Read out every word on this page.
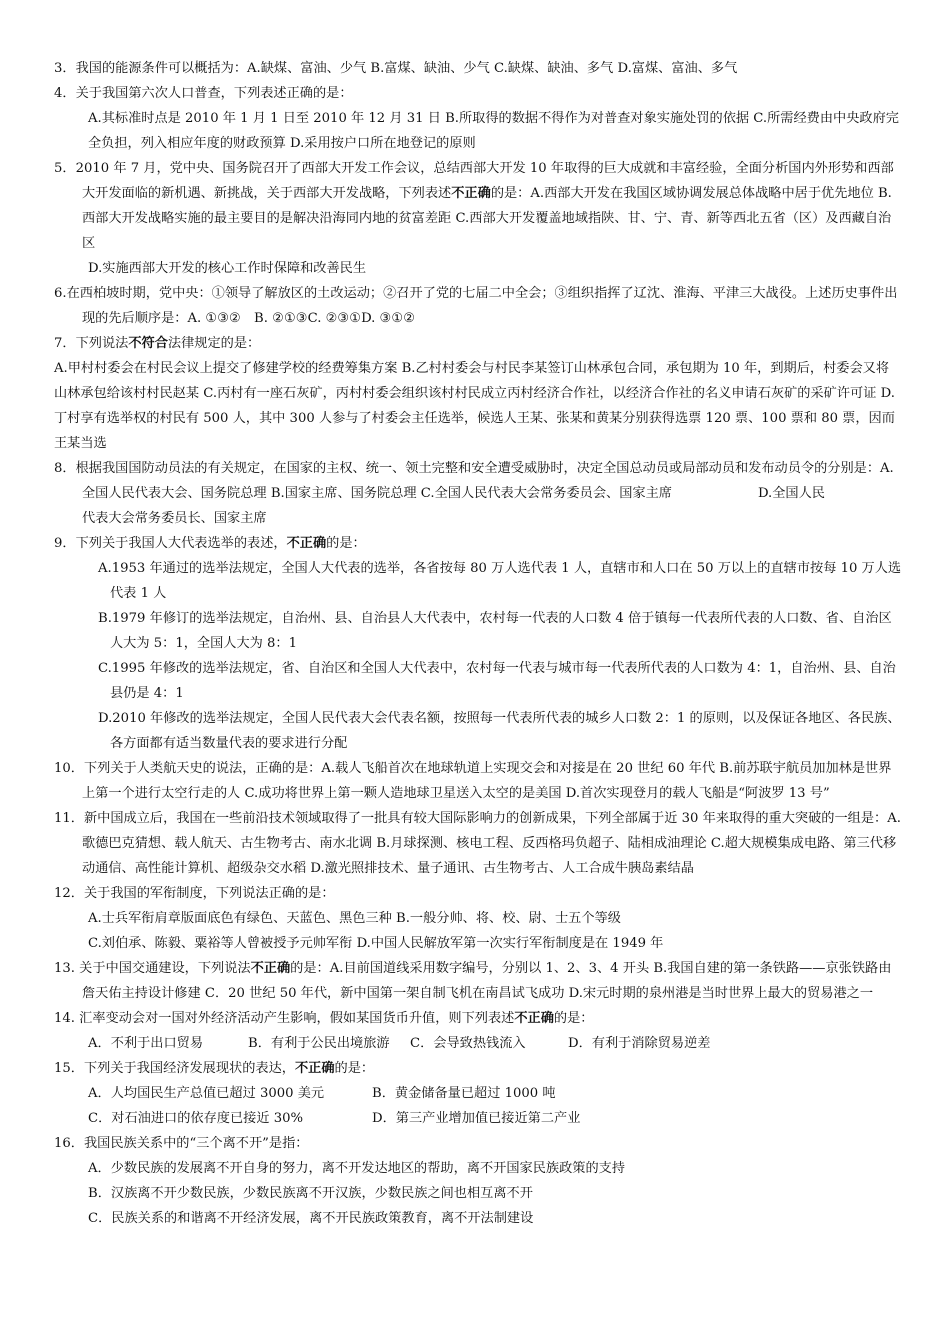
3．我国的能源条件可以概括为：A.缺煤、富油、少气 B.富煤、缺油、少气 C.缺煤、缺油、多气 D.富煤、富油、多气
4．关于我国第六次人口普查，下列表述正确的是：
A.其标准时点是 2010 年 1 月 1 日至 2010 年 12 月 31 日 B.所取得的数据不得作为对普查对象实施处罚的依据 C.所需经费由中央政府完全负担，列入相应年度的财政预算 D.采用按户口所在地登记的原则
5．2010 年 7 月，党中央、国务院召开了西部大开发工作会议，总结西部大开发 10 年取得的巨大成就和丰富经验，全面分析国内外形势和西部大开发面临的新机遇、新挑战，关于西部大开发战略，下列表述不正确的是：A.西部大开发在我国区域协调发展总体战略中居于优先地位 B.西部大开发战略实施的最主要目的是解决沿海同内地的贫富差距 C.西部大开发覆盖地域指陕、甘、宁、青、新等西北五省（区）及西藏自治区
D.实施西部大开发的核心工作时保障和改善民生
6.在西柏坡时期，党中央：①领导了解放区的土改运动；②召开了党的七届二中全会；③组织指挥了辽沈、淮海、平津三大战役。上述历史事件出现的先后顺序是：A. ①③②　B. ②①③C. ②③①D. ③①②
7．下列说法不符合法律规定的是：
A.甲村村委会在村民会议上提交了修建学校的经费筹集方案 B.乙村村委会与村民李某签订山林承包合同，承包期为 10 年，到期后，村委会又将山林承包给该村村民赵某 C.丙村有一座石灰矿，丙村村委会组织该村村民成立丙村经济合作社，以经济合作社的名义申请石灰矿的采矿许可证 D.丁村享有选举权的村民有 500 人，其中 300 人参与了村委会主任选举，候选人王某、张某和黄某分别获得选票 120 票、100 票和 80 票，因而王某当选
8．根据我国国防动员法的有关规定，在国家的主权、统一、领土完整和安全遭受威胁时，决定全国总动员或局部动员和发布动员令的分别是：A.全国人民代表大会、国务院总理 B.国家主席、国务院总理 C.全国人民代表大会常务委员会、国家主席	D.全国人民
代表大会常务委员长、国家主席
9．下列关于我国人大代表选举的表述，不正确的是：
A.1953 年通过的选举法规定，全国人大代表的选举，各省按每 80 万人选代表 1 人，直辖市和人口在 50 万以上的直辖市按每 10 万人选代表 1 人
B.1979 年修订的选举法规定，自治州、县、自治县人大代表中，农村每一代表的人口数 4 倍于镇每一代表所代表的人口数、省、自治区人大为 5：1，全国人大为 8：1
C.1995 年修改的选举法规定，省、自治区和全国人大代表中，农村每一代表与城市每一代表所代表的人口数为 4：1，自治州、县、自治县仍是 4：1
D.2010 年修改的选举法规定，全国人民代表大会代表名额，按照每一代表所代表的城乡人口数 2：1 的原则，以及保证各地区、各民族、各方面都有适当数量代表的要求进行分配
10．下列关于人类航天史的说法，正确的是：A.载人飞船首次在地球轨道上实现交会和对接是在 20 世纪 60 年代 B.前苏联宇航员加加林是世界上第一个进行太空行走的人 C.成功将世界上第一颗人造地球卫星送入太空的是美国 D.首次实现登月的载人飞船是“阿波罗 13 号”
11．新中国成立后，我国在一些前沿技术领域取得了一批具有较大国际影响力的创新成果，下列全部属于近 30 年来取得的重大突破的一组是：A.歌德巴克猜想、载人航天、古生物考古、南水北调 B.月球探测、核电工程、反西格玛负超子、陆相成油理论 C.超大规模集成电路、第三代移动通信、高性能计算机、超级杂交水稻 D.激光照排技术、量子通讯、古生物考古、人工合成牛胰岛素结晶
12．关于我国的军衔制度，下列说法正确的是：
A.士兵军衔肩章版面底色有绿色、天蓝色、黑色三种 B.一般分帅、将、校、尉、士五个等级
C.刘伯承、陈毅、粟裕等人曾被授予元帅军衔 D.中国人民解放军第一次实行军衔制度是在 1949 年
13. 关于中国交通建设，下列说法不正确的是：A.目前国道线采用数字编号，分别以 1、2、3、4 开头 B.我国自建的第一条铁路——京张铁路由詹天佑主持设计修建 C．20 世纪 50 年代，新中国第一架自制飞机在南昌试飞成功 D.宋元时期的泉州港是当时世界上最大的贸易港之一
14. 汇率变动会对一国对外经济活动产生影响，假如某国货币升值，则下列表述不正确的是：
A．不利于出口贸易	B．有利于公民出境旅游	C．会导致热钱流入	D．有利于消除贸易逆差
15．下列关于我国经济发展现状的表达，不正确的是：
A．人均国民生产总值已超过 3000 美元	B．黄金储备量已超过 1000 吨
C．对石油进口的依存度已接近 30%	D．第三产业增加值已接近第二产业
16．我国民族关系中的“三个离不开”是指：
A．少数民族的发展离不开自身的努力，离不开发达地区的帮助，离不开国家民族政策的支持
B．汉族离不开少数民族，少数民族离不开汉族，少数民族之间也相互离不开
C．民族关系的和谐离不开经济发展，离不开民族政策教育，离不开法制建设
